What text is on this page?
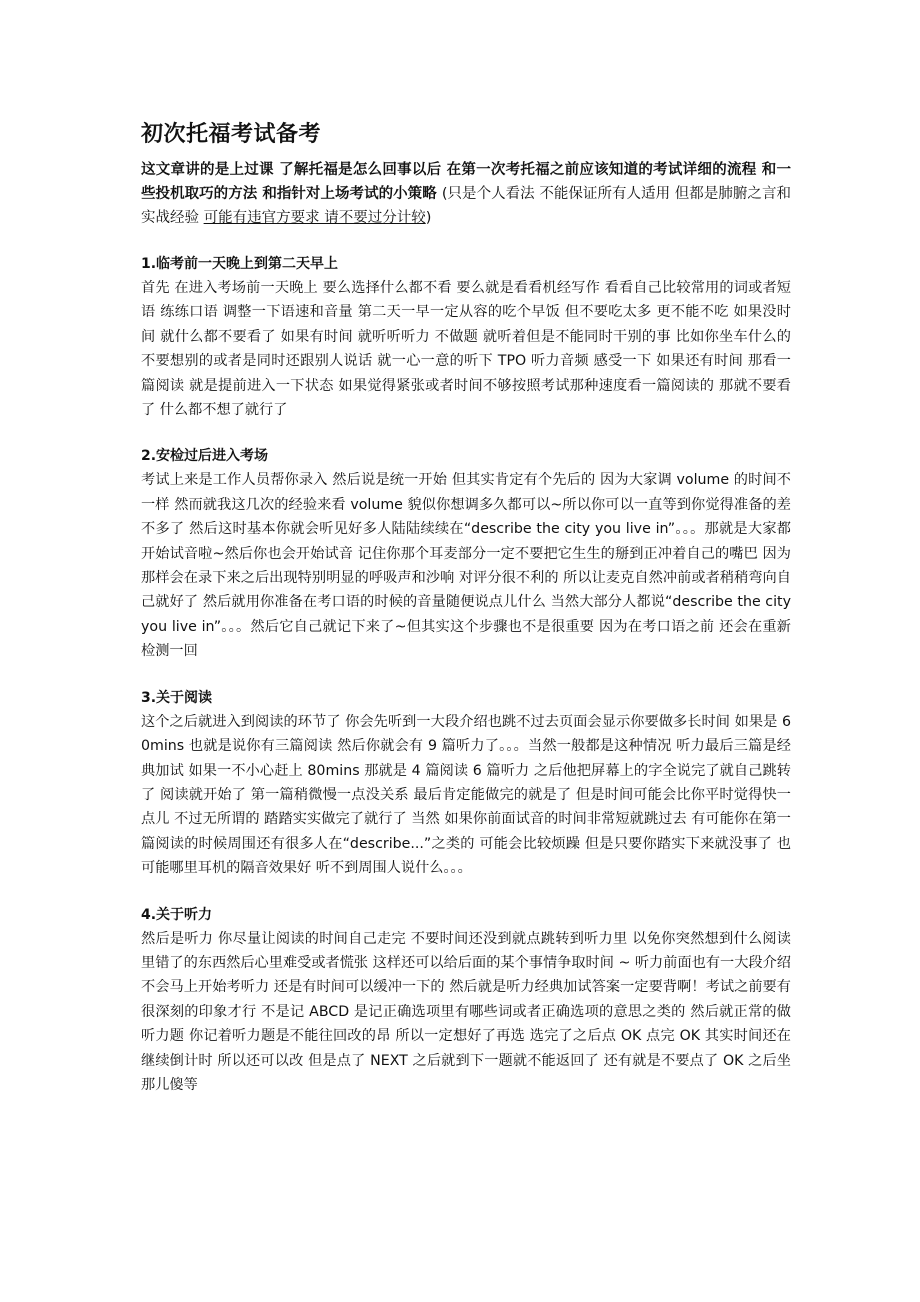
初次托福考试备考

这文章讲的是上过课 了解托福是怎么回事以后 在第一次考托福之前应该知道的考试详细的流程 和一些投机取巧的方法 和指针对上场考试的小策略 (只是个人看法 不能保证所有人适用 但都是肺腑之言和实战经验 可能有违官方要求 请不要过分计较)

1.临考前一天晚上到第二天早上

首先 在进入考场前一天晚上 要么选择什么都不看 要么就是看看机经写作 看看自己比较常用的词或者短语 练练口语 调整一下语速和音量 第二天一早一定从容的吃个早饭 但不要吃太多 更不能不吃 如果没时间 就什么都不要看了 如果有时间 就听听听力 不做题 就听着但是不能同时干别的事 比如你坐车什么的 不要想别的或者是同时还跟别人说话 就一心一意的听下 TPO 听力音频 感受一下 如果还有时间 那看一篇阅读 就是提前进入一下状态 如果觉得紧张或者时间不够按照考试那种速度看一篇阅读的 那就不要看了 什么都不想了就行了

2.安检过后进入考场

考试上来是工作人员帮你录入 然后说是统一开始 但其实肯定有个先后的 因为大家调 volume 的时间不一样 然而就我这几次的经验来看 volume 貌似你想调多久都可以~所以你可以一直等到你觉得准备的差不多了 然后这时基本你就会听见好多人陆陆续续在“describe the city you live in”。。。那就是大家都开始试音啦~然后你也会开始试音 记住你那个耳麦部分一定不要把它生生的掰到正冲着自己的嘴巴 因为那样会在录下来之后出现特别明显的呼吸声和沙响 对评分很不利的 所以让麦克自然冲前或者稍稍弯向自己就好了 然后就用你准备在考口语的时候的音量随便说点儿什么 当然大部分人都说“describe the city you live in”。。。然后它自己就记下来了~但其实这个步骤也不是很重要 因为在考口语之前 还会在重新检测一回

3.关于阅读

这个之后就进入到阅读的环节了 你会先听到一大段介绍也跳不过去页面会显示你要做多长时间 如果是 60mins 也就是说你有三篇阅读 然后你就会有 9 篇听力了。。。当然一般都是这种情况 听力最后三篇是经典加试 如果一不小心赶上 80mins 那就是 4 篇阅读 6 篇听力 之后他把屏幕上的字全说完了就自己跳转了 阅读就开始了 第一篇稍微慢一点没关系 最后肯定能做完的就是了 但是时间可能会比你平时觉得快一点儿 不过无所谓的 踏踏实实做完了就行了 当然 如果你前面试音的时间非常短就跳过去 有可能你在第一篇阅读的时候周围还有很多人在“describe...”之类的 可能会比较烦躁 但是只要你踏实下来就没事了 也可能哪里耳机的隔音效果好 听不到周围人说什么。。。

4.关于听力

然后是听力 你尽量让阅读的时间自己走完 不要时间还没到就点跳转到听力里 以免你突然想到什么阅读里错了的东西然后心里难受或者慌张 这样还可以给后面的某个事情争取时间 ~ 听力前面也有一大段介绍 不会马上开始考听力 还是有时间可以缓冲一下的 然后就是听力经典加试答案一定要背啊！考试之前要有很深刻的印象才行 不是记 ABCD 是记正确选项里有哪些词或者正确选项的意思之类的 然后就正常的做听力题 你记着听力题是不能往回改的昂 所以一定想好了再选 选完了之后点 OK 点完 OK 其实时间还在继续倒计时 所以还可以改 但是点了 NEXT 之后就到下一题就不能返回了 还有就是不要点了 OK 之后坐那儿傻等
